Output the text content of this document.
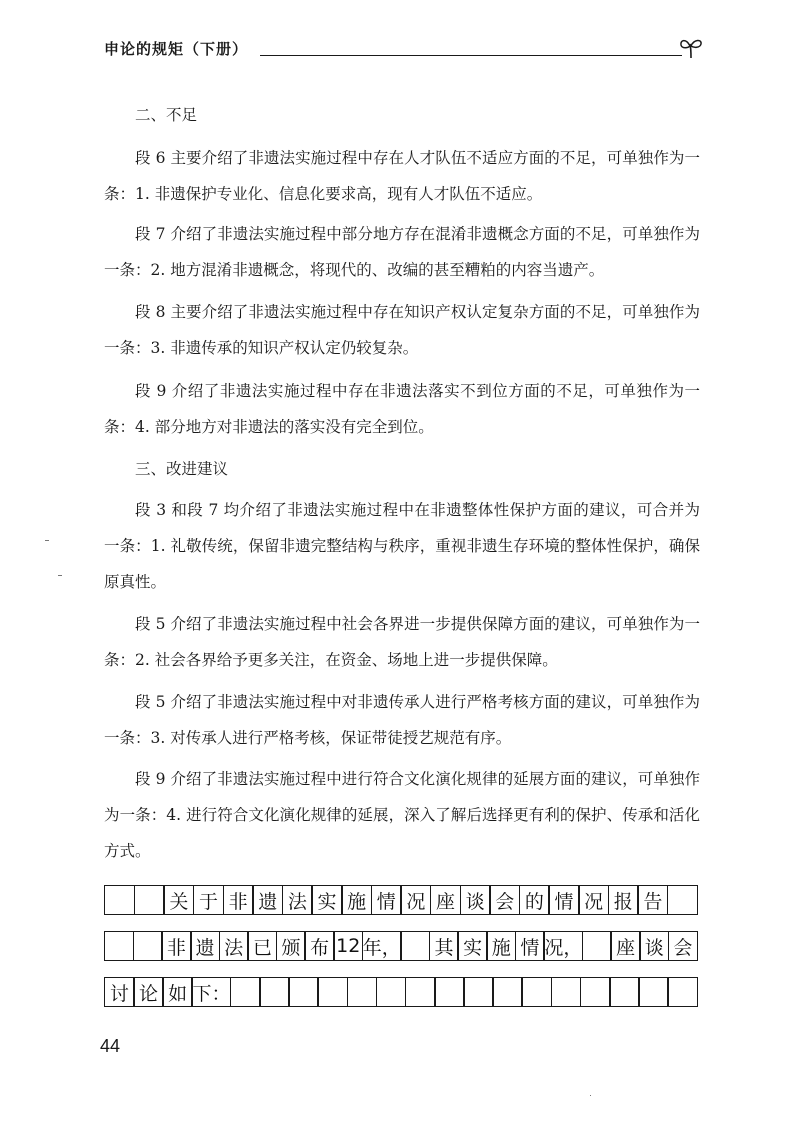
申论的规矩（下册）
二、不足
段 6 主要介绍了非遗法实施过程中存在人才队伍不适应方面的不足，可单独作为一条：1. 非遗保护专业化、信息化要求高，现有人才队伍不适应。
段 7 介绍了非遗法实施过程中部分地方存在混淆非遗概念方面的不足，可单独作为一条：2. 地方混淆非遗概念，将现代的、改编的甚至糟粕的内容当遗产。
段 8 主要介绍了非遗法实施过程中存在知识产权认定复杂方面的不足，可单独作为一条：3. 非遗传承的知识产权认定仍较复杂。
段 9 介绍了非遗法实施过程中存在非遗法落实不到位方面的不足，可单独作为一条：4. 部分地方对非遗法的落实没有完全到位。
三、改进建议
段 3 和段 7 均介绍了非遗法实施过程中在非遗整体性保护方面的建议，可合并为一条：1. 礼敬传统，保留非遗完整结构与秩序，重视非遗生存环境的整体性保护，确保原真性。
段 5 介绍了非遗法实施过程中社会各界进一步提供保障方面的建议，可单独作为一条：2. 社会各界给予更多关注，在资金、场地上进一步提供保障。
段 5 介绍了非遗法实施过程中对非遗传承人进行严格考核方面的建议，可单独作为一条：3. 对传承人进行严格考核，保证带徒授艺规范有序。
段 9 介绍了非遗法实施过程中进行符合文化演化规律的延展方面的建议，可单独作为一条：4. 进行符合文化演化规律的延展，深入了解后选择更有利的保护、传承和活化方式。
关 于 非 遗 法 实 施 情 况 座 谈 会 的 情 况 报 告
非 遗 法 已 颁 布 12 年， 其 实 施 情 况， 座 谈 会
讨 论 如 下：
44
